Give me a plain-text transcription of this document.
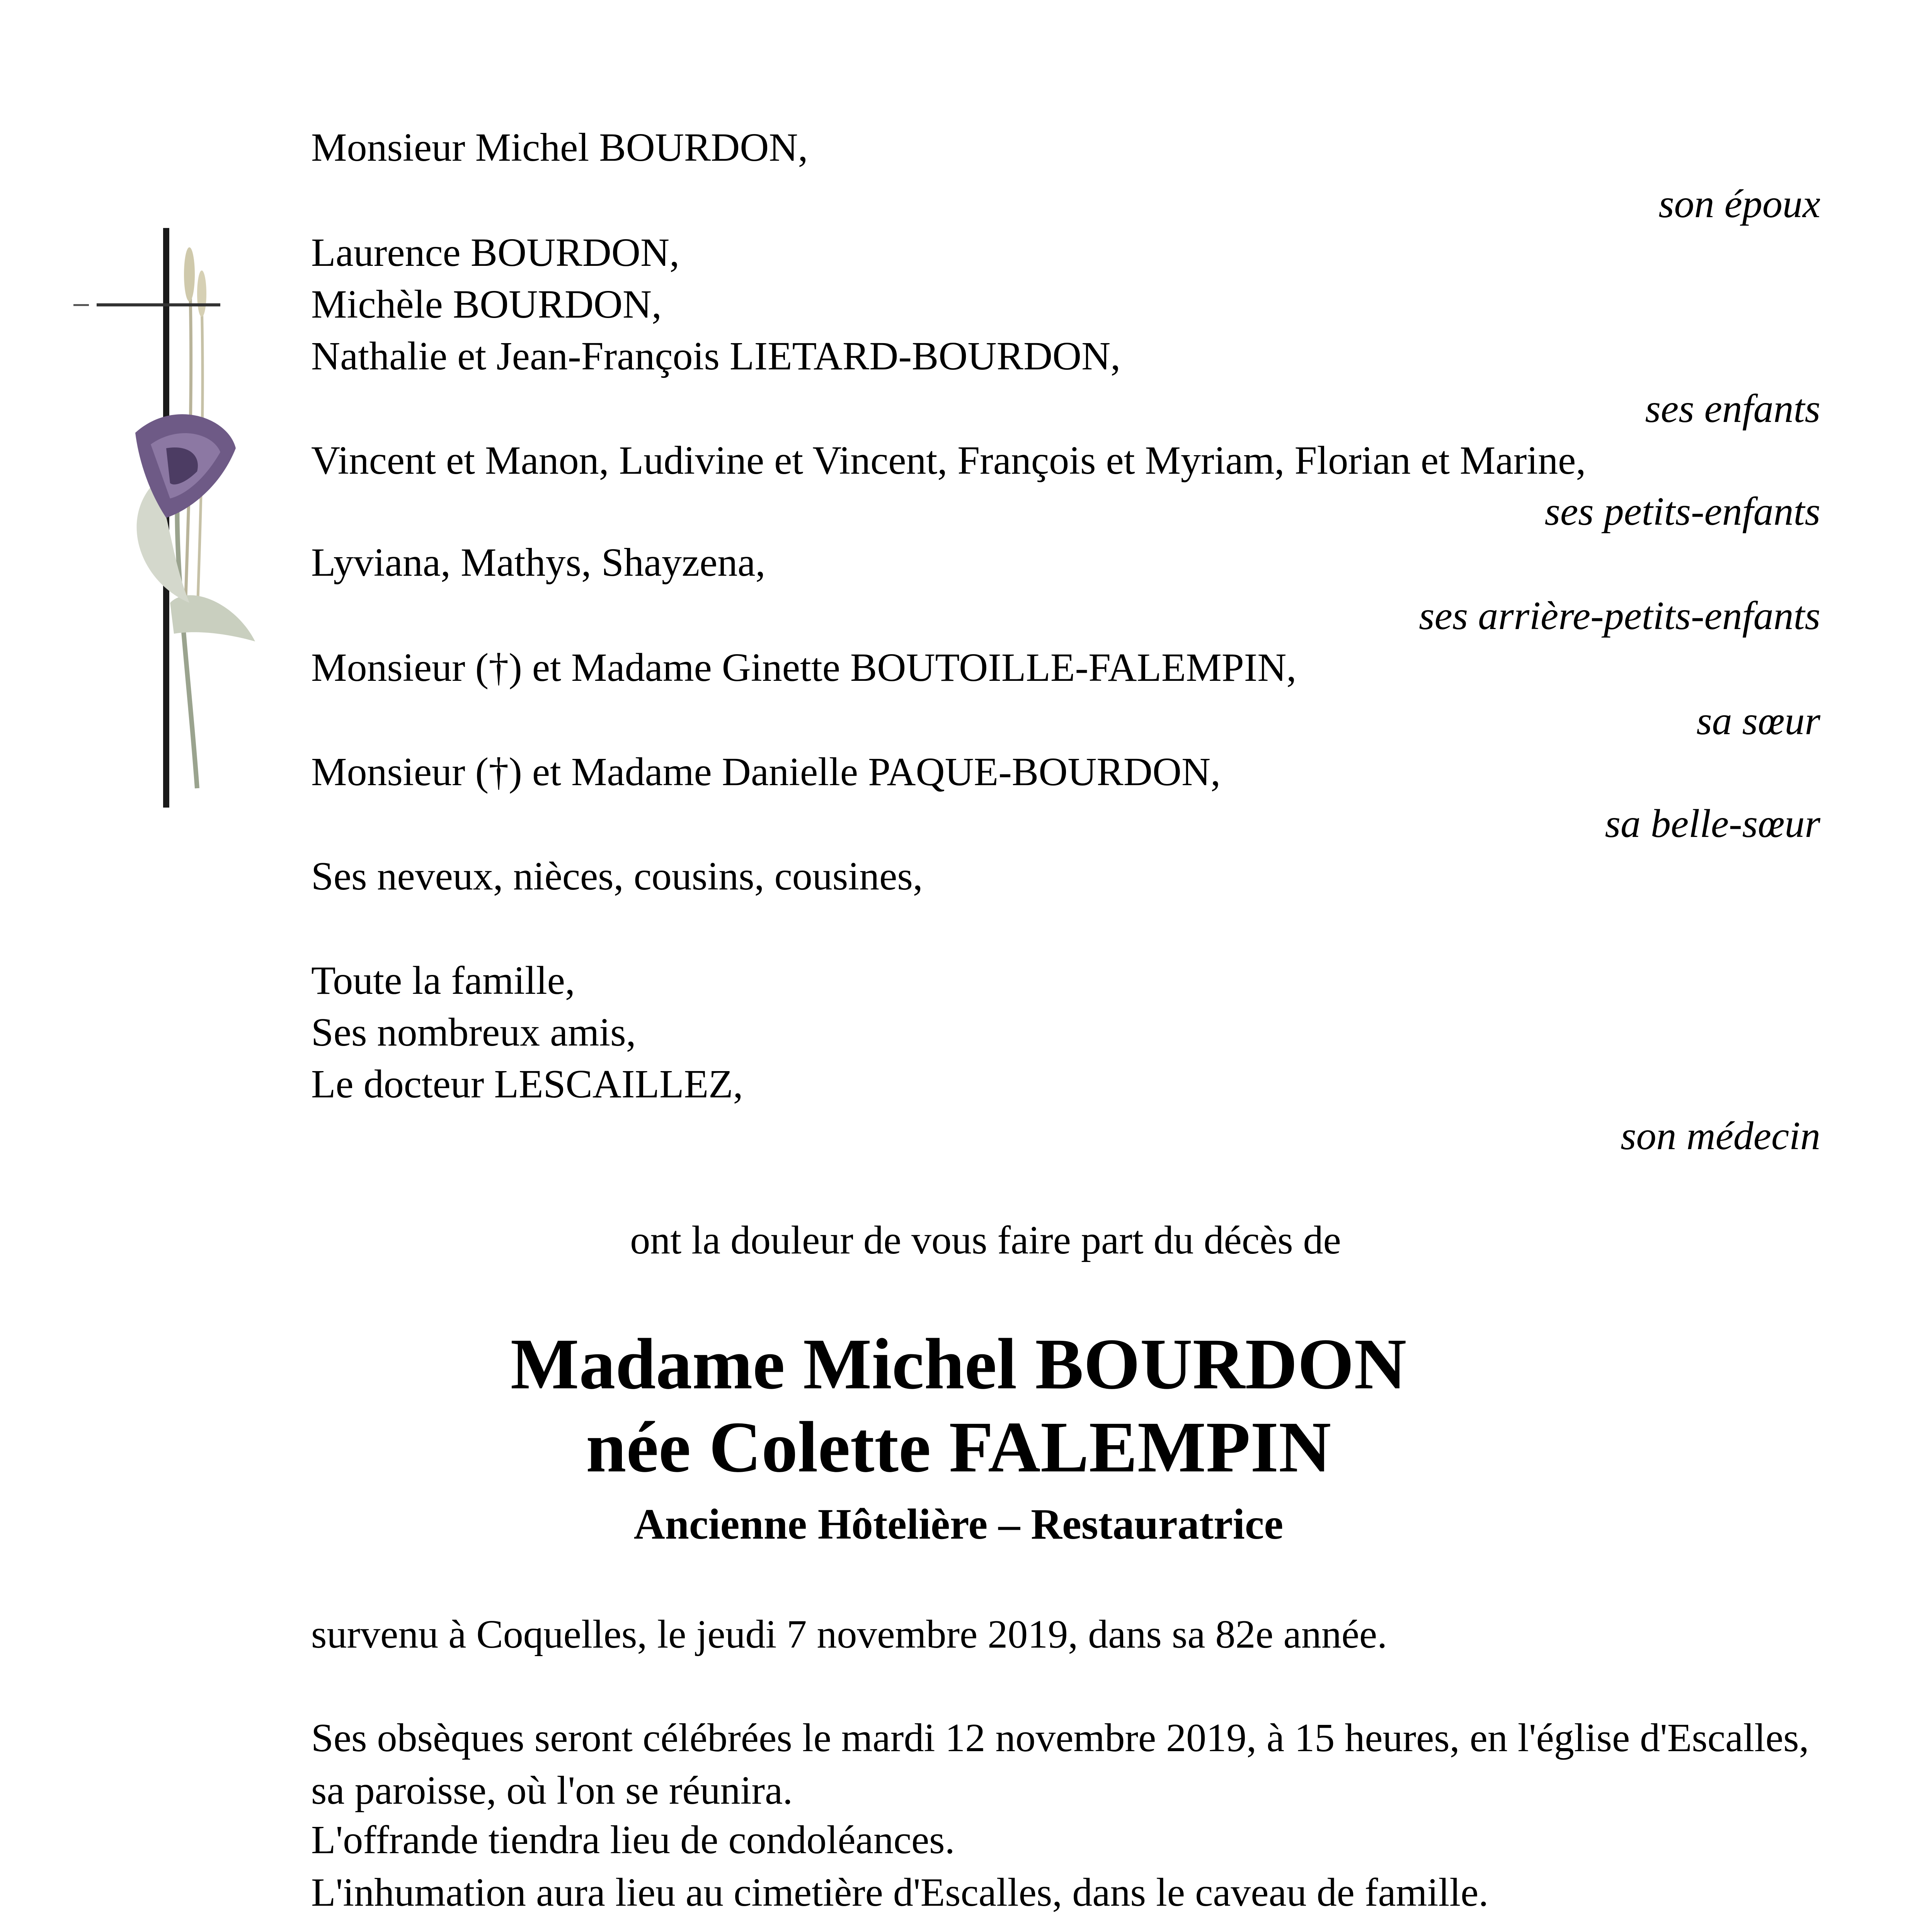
Monsieur Michel BOURDON,
son époux
Laurence BOURDON,
Michèle BOURDON,
Nathalie et Jean-François LIETARD-BOURDON,
ses enfants
Vincent et Manon, Ludivine et Vincent, François et Myriam, Florian et Marine,
ses petits-enfants
Lyviana, Mathys, Shayzena,
ses arrière-petits-enfants
Monsieur (†) et Madame Ginette BOUTOILLE-FALEMPIN,
sa sœur
Monsieur (†) et Madame Danielle PAQUE-BOURDON,
sa belle-sœur
Ses neveux, nièces, cousins, cousines,
Toute la famille,
Ses nombreux amis,
Le docteur LESCAILLEZ,
son médecin
ont la douleur de vous faire part du décès de
Madame Michel BOURDON
née Colette FALEMPIN
Ancienne Hôtelière – Restauratrice
survenu à Coquelles, le jeudi 7 novembre 2019, dans sa 82e année.
Ses obsèques seront célébrées le mardi 12 novembre 2019, à 15 heures, en l'église d'Escalles, sa paroisse, où l'on se réunira.
L'offrande tiendra lieu de condoléances.
L'inhumation aura lieu au cimetière d'Escalles, dans le caveau de famille.
